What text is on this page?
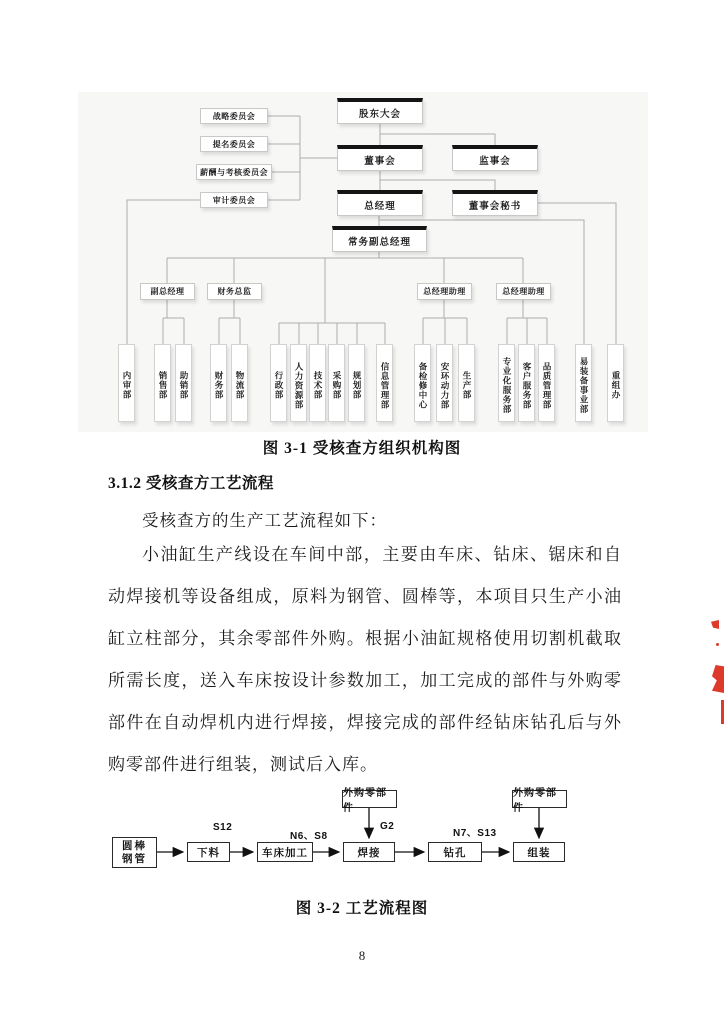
股东大会
董事会	监事会
总经理	董事会秘书
常务副总经理
战略委员会
提名委员会
薪酬与考核委员会
审计委员会
副总经理	财务总监	总经理助理	总经理助理
内审部	销售部	助销部	财务部	物流部	行政部	人力资源部	技术部	采购部	规划部	信息管理部	备检修中心	安环动力部	生产部	专业化服务部	客户服务部	品质管理部	易装备事业部	重组办
图 3-1 受核查方组织机构图
3.1.2 受核查方工艺流程
受核查方的生产工艺流程如下：
小油缸生产线设在车间中部，主要由车床、钻床、锯床和自动焊接机等设备组成，原料为钢管、圆棒等，本项目只生产小油缸立柱部分，其余零部件外购。根据小油缸规格使用切割机截取所需长度，送入车床按设计参数加工，加工完成的部件与外购零部件在自动焊机内进行焊接，焊接完成的部件经钻床钻孔后与外购零部件进行组装，测试后入库。
圆棒
钢管	下料	车床加工	焊接	钻孔	组装
外购零部件
外购零部件
S12
N6、S8
G2
N7、S13
图 3-2 工艺流程图
8
